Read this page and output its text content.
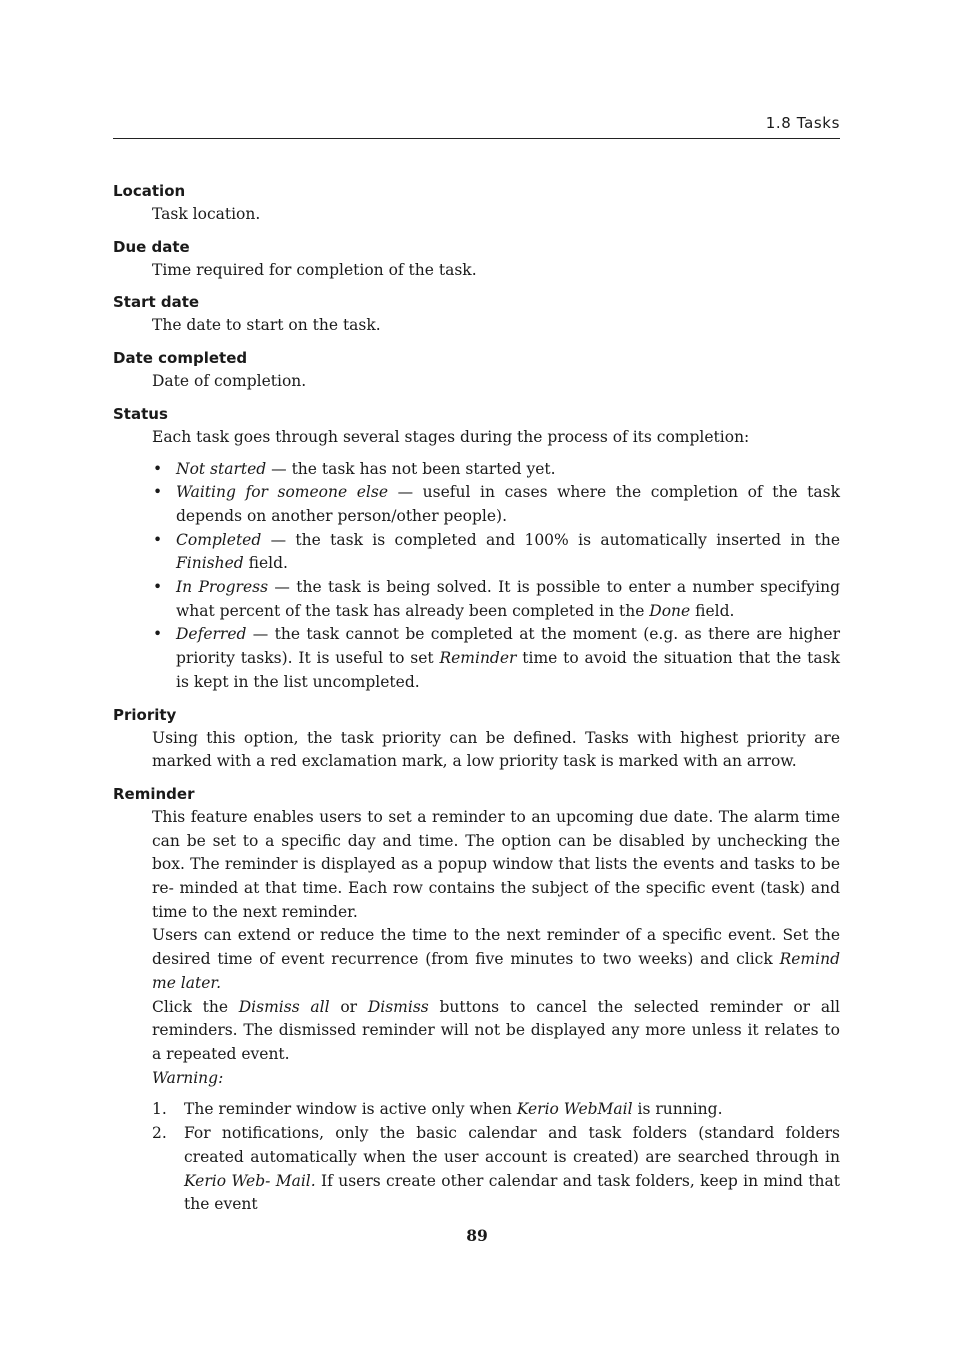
1.8 Tasks
Location

Task location.

Due date

Time required for completion of the task.

Start date

The date to start on the task.

Date completed

Date of completion.

Status

Each task goes through several stages during the process of its completion:

• Not started — the task has not been started yet.
• Waiting for someone else — useful in cases where the completion of the task depends on another person/other people).
• Completed — the task is completed and 100% is automatically inserted in the Finished field.
• In Progress — the task is being solved. It is possible to enter a number specifying what percent of the task has already been completed in the Done field.
• Deferred — the task cannot be completed at the moment (e.g. as there are higher priority tasks). It is useful to set Reminder time to avoid the situation that the task is kept in the list uncompleted.
Priority

Using this option, the task priority can be defined. Tasks with highest priority are marked with a red exclamation mark, a low priority task is marked with an arrow.

Reminder

This feature enables users to set a reminder to an upcoming due date. The alarm time can be set to a specific day and time. The option can be disabled by unchecking the box. The reminder is displayed as a popup window that lists the events and tasks to be re- minded at that time. Each row contains the subject of the specific event (task) and time to the next reminder.

Users can extend or reduce the time to the next reminder of a specific event. Set the desired time of event recurrence (from five minutes to two weeks) and click Remind me later.

Click the Dismiss all or Dismiss buttons to cancel the selected reminder or all reminders. The dismissed reminder will not be displayed any more unless it relates to a repeated event.

Warning:

1. The reminder window is active only when Kerio WebMail is running.
2. For notifications, only the basic calendar and task folders (standard folders created automatically when the user account is created) are searched through in Kerio Web- Mail. If users create other calendar and task folders, keep in mind that the event
89
